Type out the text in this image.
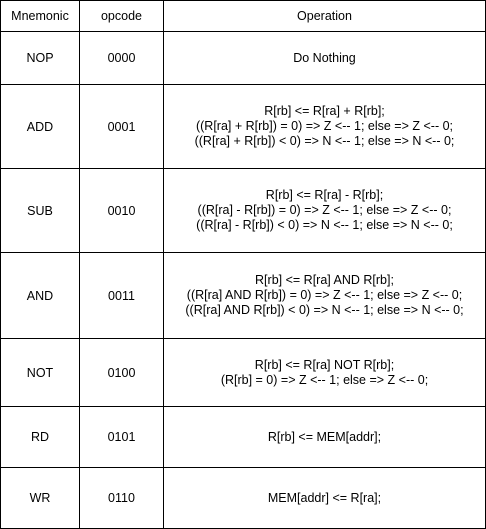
Mnemonic	opcode	Operation
NOP	0000	Do Nothing

ADD	0001	R[rb] <= R[ra] + R[rb];
((R[ra] + R[rb]) = 0) => Z <-- 1; else => Z <-- 0;
((R[ra] + R[rb]) < 0) => N <-- 1; else => N <-- 0;

SUB	0010	R[rb] <= R[ra] - R[rb];
((R[ra] - R[rb]) = 0) => Z <-- 1; else => Z <-- 0;
((R[ra] - R[rb]) < 0) => N <-- 1; else => N <-- 0;

AND	0011	R[rb] <= R[ra] AND R[rb];
((R[ra] AND R[rb]) = 0) => Z <-- 1; else => Z <-- 0;
((R[ra] AND R[rb]) < 0) => N <-- 1; else => N <-- 0;

NOT	0100	R[rb] <= R[ra] NOT R[rb];
(R[rb] = 0) => Z <-- 1; else => Z <-- 0;

RD	0101	R[rb] <= MEM[addr];

WR	0110	MEM[addr] <= R[ra];
